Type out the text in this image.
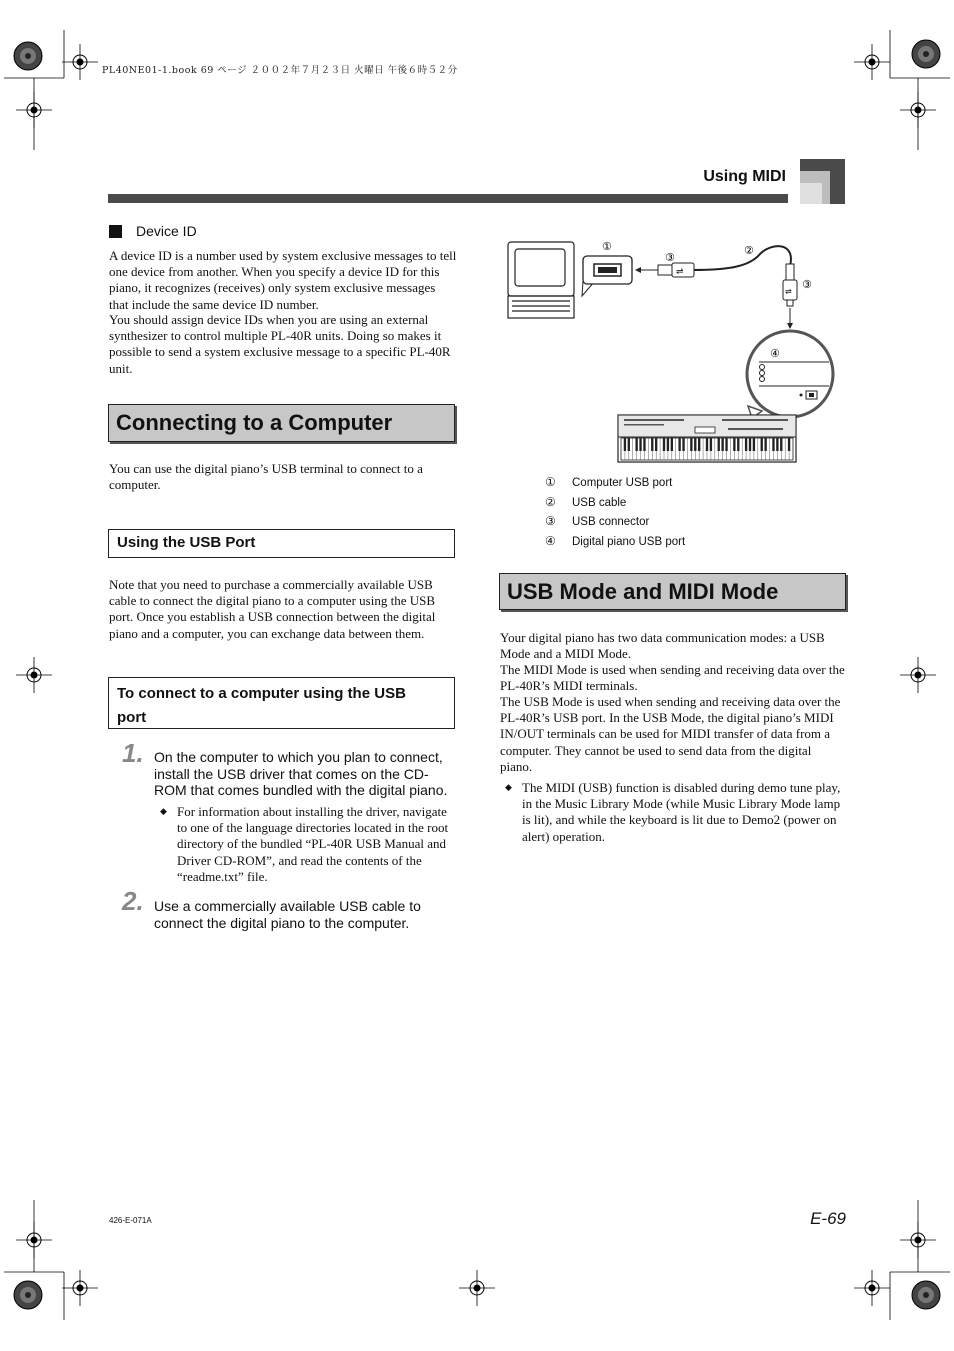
PL40NE01-1.book 69 ページ ２００２年７月２３日 火曜日 午後６時５２分
Using MIDI
Device ID
A device ID is a number used by system exclusive messages to tell one device from another. When you specify a device ID for this piano, it recognizes (receives) only system exclusive messages that include the same device ID number.
You should assign device IDs when you are using an external synthesizer to control multiple PL-40R units. Doing so makes it possible to send a system exclusive message to a specific PL-40R unit.
Connecting to a Computer
You can use the digital piano’s USB terminal to connect to a computer.
Using the USB Port
Note that you need to purchase a commercially available USB cable to connect the digital piano to a computer using the USB port. Once you establish a USB connection between the digital piano and a computer, you can exchange data between them.
To connect to a computer using the USB port
1. On the computer to which you plan to connect, install the USB driver that comes on the CD-ROM that comes bundled with the digital piano.
◆ For information about installing the driver, navigate to one of the language directories located in the root directory of the bundled “PL-40R USB Manual and Driver CD-ROM”, and read the contents of the “readme.txt” file.
2. Use a commercially available USB cable to connect the digital piano to the computer.
⇌
⇌
①	②
③
③
④
① Computer USB port
② USB cable
③ USB connector
④ Digital piano USB port
USB Mode and MIDI Mode
Your digital piano has two data communication modes: a USB Mode and a MIDI Mode.
The MIDI Mode is used when sending and receiving data over the PL-40R’s MIDI terminals.
The USB Mode is used when sending and receiving data over the PL-40R’s USB port. In the USB Mode, the digital piano’s MIDI IN/OUT terminals can be used for MIDI transfer of data from a computer. They cannot be used to send data from the digital piano.
◆ The MIDI (USB) function is disabled during demo tune play, in the Music Library Mode (while Music Library Mode lamp is lit), and while the keyboard is lit due to Demo2 (power on alert) operation.
426-E-071A	E-69
